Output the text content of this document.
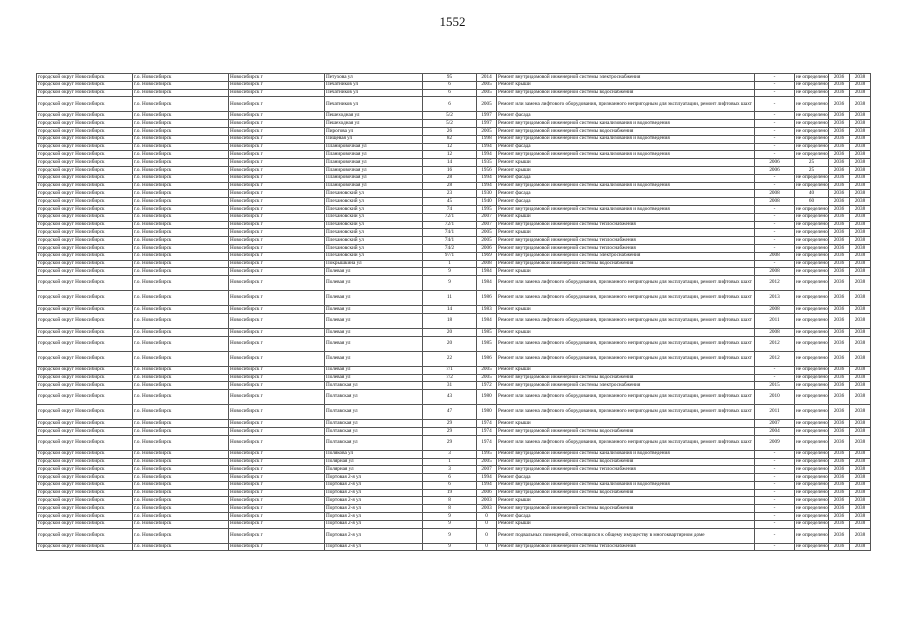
1552
городской округ Новосибирск	г.о. Новосибирск	Новосибирск г	Петухова ул	95	2014	Ремонт внутридомовой инженерной системы электроснабжения	-	не определено	2036	2038
городской округ Новосибирск	г.о. Новосибирск	Новосибирск г	Печатников ул	6	2005	Ремонт крыши	-	не определено	2036	2038
городской округ Новосибирск	г.о. Новосибирск	Новосибирск г	Печатников ул	6	2005	Ремонт внутридомовой инженерной системы водоснабжения	-	не определено	2036	2038
городской округ Новосибирск	г.о. Новосибирск	Новосибирск г	Печатников ул	6	2005	Ремонт или замена лифтового оборудования, признанного непригодным для эксплуатации, ремонт лифтовых шахт	-	не определено	2036	2038
городской округ Новосибирск	г.о. Новосибирск	Новосибирск г	Пешеходная ул	5/2	1997	Ремонт фасада	-	не определено	2036	2038
городской округ Новосибирск	г.о. Новосибирск	Новосибирск г	Пешеходная ул	5/2	1997	Ремонт внутридомовой инженерной системы канализования и водоотведения	-	не определено	2036	2038
городской округ Новосибирск	г.о. Новосибирск	Новосибирск г	Пирогова ул	26	2005	Ремонт внутридомовой инженерной системы водоснабжения	-	не определено	2036	2038
городской округ Новосибирск	г.о. Новосибирск	Новосибирск г	Пищевая ул	82	1998	Ремонт внутридомовой инженерной системы канализования и водоотведения	-	не определено	2036	2038
городской округ Новосибирск	г.о. Новосибирск	Новосибирск г	Планировочная ул	12	1994	Ремонт фасада	-	не определено	2036	2038
городской округ Новосибирск	г.о. Новосибирск	Новосибирск г	Планировочная ул	12	1994	Ремонт внутридомовой инженерной системы канализования и водоотведения	-	не определено	2036	2038
городской округ Новосибирск	г.о. Новосибирск	Новосибирск г	Планировочная ул	14	1935	Ремонт крыши	2006	25	2036	2038
городской округ Новосибирск	г.о. Новосибирск	Новосибирск г	Планировочная ул	16	1956	Ремонт крыши	2006	25	2036	2038
городской округ Новосибирск	г.о. Новосибирск	Новосибирск г	Планировочная ул	28	1994	Ремонт фасада	-	не определено	2036	2038
городской округ Новосибирск	г.о. Новосибирск	Новосибирск г	Планировочная ул	28	1994	Ремонт внутридомовой инженерной системы канализования и водоотведения	-	не определено	2036	2038
городской округ Новосибирск	г.о. Новосибирск	Новосибирск г	Плехановский ул	23	1930	Ремонт фасада	2008	40	2036	2038
городской округ Новосибирск	г.о. Новосибирск	Новосибирск г	Плехановский ул	45	1940	Ремонт фасада	2008	60	2036	2038
городской округ Новосибирск	г.о. Новосибирск	Новосибирск г	Плехановский ул	74	1995	Ремонт внутридомовой инженерной системы канализования и водоотведения	-	не определено	2036	2038
городской округ Новосибирск	г.о. Новосибирск	Новосибирск г	Плехановский ул	72/1	2007	Ремонт крыши	-	не определено	2036	2038
городской округ Новосибирск	г.о. Новосибирск	Новосибирск г	Плехановский ул	72/1	2007	Ремонт внутридомовой инженерной системы теплоснабжения	-	не определено	2036	2038
городской округ Новосибирск	г.о. Новосибирск	Новосибирск г	Плехановский ул	74/1	2005	Ремонт крыши	-	не определено	2036	2038
городской округ Новосибирск	г.о. Новосибирск	Новосибирск г	Плехановский ул	74/1	2005	Ремонт внутридомовой инженерной системы теплоснабжения	-	не определено	2036	2038
городской округ Новосибирск	г.о. Новосибирск	Новосибирск г	Плехановский ул	74/2	2006	Ремонт внутридомовой инженерной системы теплоснабжения	-	не определено	2036	2038
городской округ Новосибирск	г.о. Новосибирск	Новосибирск г	Плехановский ул	97/1	1969	Ремонт внутридомовой инженерной системы электроснабжения	2008	не определено	2036	2038
городской округ Новосибирск	г.о. Новосибирск	Новосибирск г	Покрышкина ул	1	2008	Ремонт внутридомовой инженерной системы водоснабжения	-	не определено	2036	2038
городской округ Новосибирск	г.о. Новосибирск	Новосибирск г	Полевая ул	9	1984	Ремонт крыши	2008	не определено	2036	2038
городской округ Новосибирск	г.о. Новосибирск	Новосибирск г	Полевая ул	9	1984	Ремонт или замена лифтового оборудования, признанного непригодным для эксплуатации, ремонт лифтовых шахт	2012	не определено	2036	2038
городской округ Новосибирск	г.о. Новосибирск	Новосибирск г	Полевая ул	11	1986	Ремонт или замена лифтового оборудования, признанного непригодным для эксплуатации, ремонт лифтовых шахт	2013	не определено	2036	2038
городской округ Новосибирск	г.о. Новосибирск	Новосибирск г	Полевая ул	14	1983	Ремонт крыши	2008	не определено	2036	2038
городской округ Новосибирск	г.о. Новосибирск	Новосибирск г	Полевая ул	18	1984	Ремонт или замена лифтового оборудования, признанного непригодным для эксплуатации, ремонт лифтовых шахт	2011	не определено	2036	2038
городской округ Новосибирск	г.о. Новосибирск	Новосибирск г	Полевая ул	20	1985	Ремонт крыши	2008	не определено	2036	2038
городской округ Новосибирск	г.о. Новосибирск	Новосибирск г	Полевая ул	20	1985	Ремонт или замена лифтового оборудования, признанного непригодным для эксплуатации, ремонт лифтовых шахт	2012	не определено	2036	2038
городской округ Новосибирск	г.о. Новосибирск	Новосибирск г	Полевая ул	22	1986	Ремонт или замена лифтового оборудования, признанного непригодным для эксплуатации, ремонт лифтовых шахт	2012	не определено	2036	2038
городской округ Новосибирск	г.о. Новосибирск	Новосибирск г	Полевая ул	7/1	2005	Ремонт крыши	-	не определено	2036	2038
городской округ Новосибирск	г.о. Новосибирск	Новосибирск г	Полевая ул	7/2	2005	Ремонт внутридомовой инженерной системы водоснабжения	-	не определено	2036	2038
городской округ Новосибирск	г.о. Новосибирск	Новосибирск г	Полтавская ул	31	1972	Ремонт внутридомовой инженерной системы электроснабжения	2015	не определено	2036	2038
городской округ Новосибирск	г.о. Новосибирск	Новосибирск г	Полтавская ул	43	1980	Ремонт или замена лифтового оборудования, признанного непригодным для эксплуатации, ремонт лифтовых шахт	2010	не определено	2036	2038
городской округ Новосибирск	г.о. Новосибирск	Новосибирск г	Полтавская ул	47	1980	Ремонт или замена лифтового оборудования, признанного непригодным для эксплуатации, ремонт лифтовых шахт	2011	не определено	2036	2038
городской округ Новосибирск	г.о. Новосибирск	Новосибирск г	Полтавская ул	29	1974	Ремонт крыши	2007	не определено	2036	2038
городской округ Новосибирск	г.о. Новосибирск	Новосибирск г	Полтавская ул	29	1974	Ремонт внутридомовой инженерной системы водоснабжения	2004	не определено	2036	2038
городской округ Новосибирск	г.о. Новосибирск	Новосибирск г	Полтавская ул	29	1974	Ремонт или замена лифтового оборудования, признанного непригодным для эксплуатации, ремонт лифтовых шахт	2009	не определено	2036	2038
городской округ Новосибирск	г.о. Новосибирск	Новосибирск г	Полякова ул	3	1995	Ремонт внутридомовой инженерной системы канализования и водоотведения	-	не определено	2036	2038
городской округ Новосибирск	г.о. Новосибирск	Новосибирск г	Полярная ул	1	2005	Ремонт внутридомовой инженерной системы водоснабжения	-	не определено	2036	2038
городской округ Новосибирск	г.о. Новосибирск	Новосибирск г	Полярная ул	3	2007	Ремонт внутридомовой инженерной системы теплоснабжения	-	не определено	2036	2038
городской округ Новосибирск	г.о. Новосибирск	Новосибирск г	Портовая 2-я ул	6	1994	Ремонт фасада	-	не определено	2036	2038
городской округ Новосибирск	г.о. Новосибирск	Новосибирск г	Портовая 2-я ул	6	1994	Ремонт внутридомовой инженерной системы канализования и водоотведения	-	не определено	2036	2038
городской округ Новосибирск	г.о. Новосибирск	Новосибирск г	Портовая 2-я ул	19	2006	Ремонт внутридомовой инженерной системы водоснабжения	-	не определено	2036	2038
городской округ Новосибирск	г.о. Новосибирск	Новосибирск г	Портовая 2-я ул	8	2003	Ремонт крыши	-	не определено	2036	2038
городской округ Новосибирск	г.о. Новосибирск	Новосибирск г	Портовая 2-я ул	8	2003	Ремонт внутридомовой инженерной системы водоснабжения	-	не определено	2036	2038
городской округ Новосибирск	г.о. Новосибирск	Новосибирск г	Портовая 2-я ул	9	0	Ремонт фасада	-	не определено	2036	2038
городской округ Новосибирск	г.о. Новосибирск	Новосибирск г	Портовая 2-я ул	9	0	Ремонт крыши	-	не определено	2036	2038
городской округ Новосибирск	г.о. Новосибирск	Новосибирск г	Портовая 2-я ул	9	0	Ремонт подвальных помещений, относящихся к общему имуществу в многоквартирном доме	-	не определено	2036	2038
городской округ Новосибирск	г.о. Новосибирск	Новосибирск г	Портовая 2-я ул	9	0	Ремонт внутридомовой инженерной системы теплоснабжения	-	не определено	2036	2038
